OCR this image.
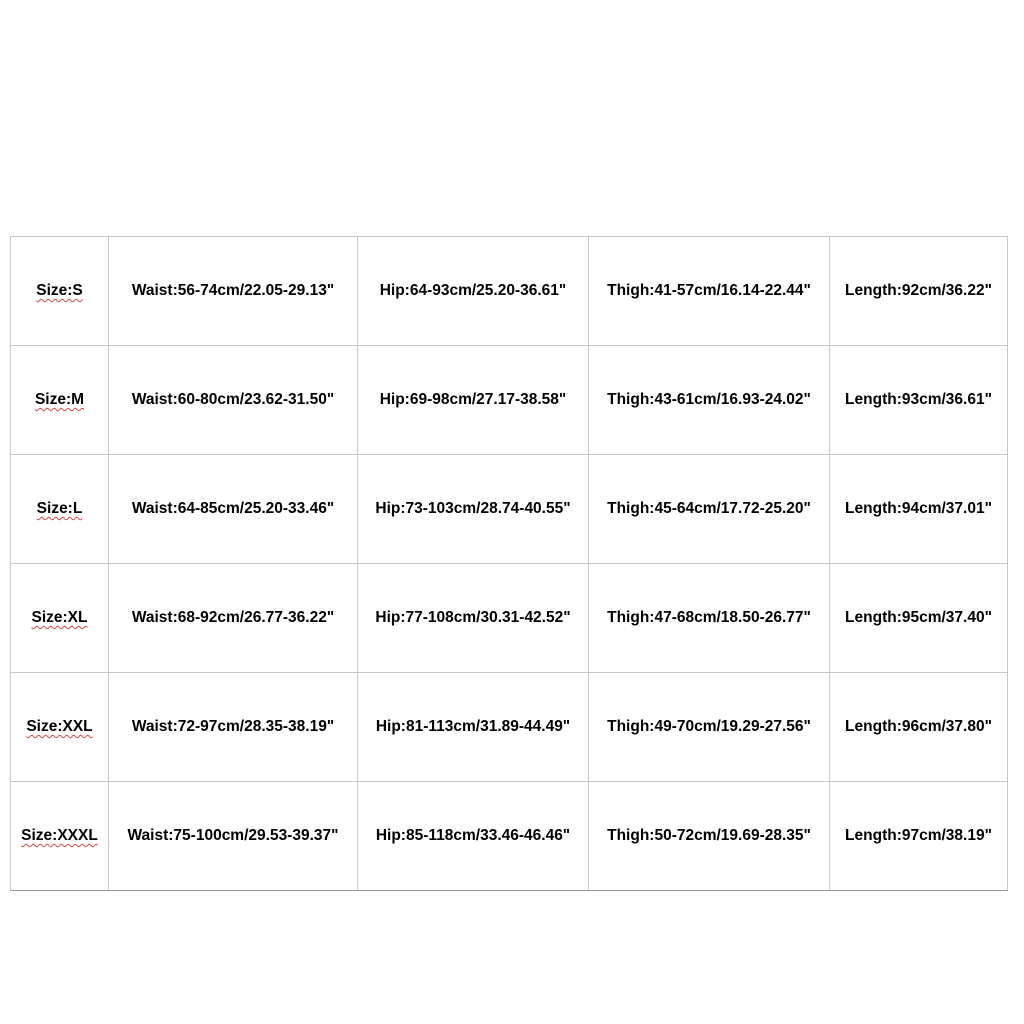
Size:S	Waist:56-74cm/22.05-29.13"	Hip:64-93cm/25.20-36.61"	Thigh:41-57cm/16.14-22.44"	Length:92cm/36.22"
Size:M	Waist:60-80cm/23.62-31.50"	Hip:69-98cm/27.17-38.58"	Thigh:43-61cm/16.93-24.02"	Length:93cm/36.61"
Size:L	Waist:64-85cm/25.20-33.46"	Hip:73-103cm/28.74-40.55"	Thigh:45-64cm/17.72-25.20"	Length:94cm/37.01"
Size:XL	Waist:68-92cm/26.77-36.22"	Hip:77-108cm/30.31-42.52"	Thigh:47-68cm/18.50-26.77"	Length:95cm/37.40"
Size:XXL	Waist:72-97cm/28.35-38.19"	Hip:81-113cm/31.89-44.49"	Thigh:49-70cm/19.29-27.56"	Length:96cm/37.80"
Size:XXXL	Waist:75-100cm/29.53-39.37"	Hip:85-118cm/33.46-46.46"	Thigh:50-72cm/19.69-28.35"	Length:97cm/38.19"
